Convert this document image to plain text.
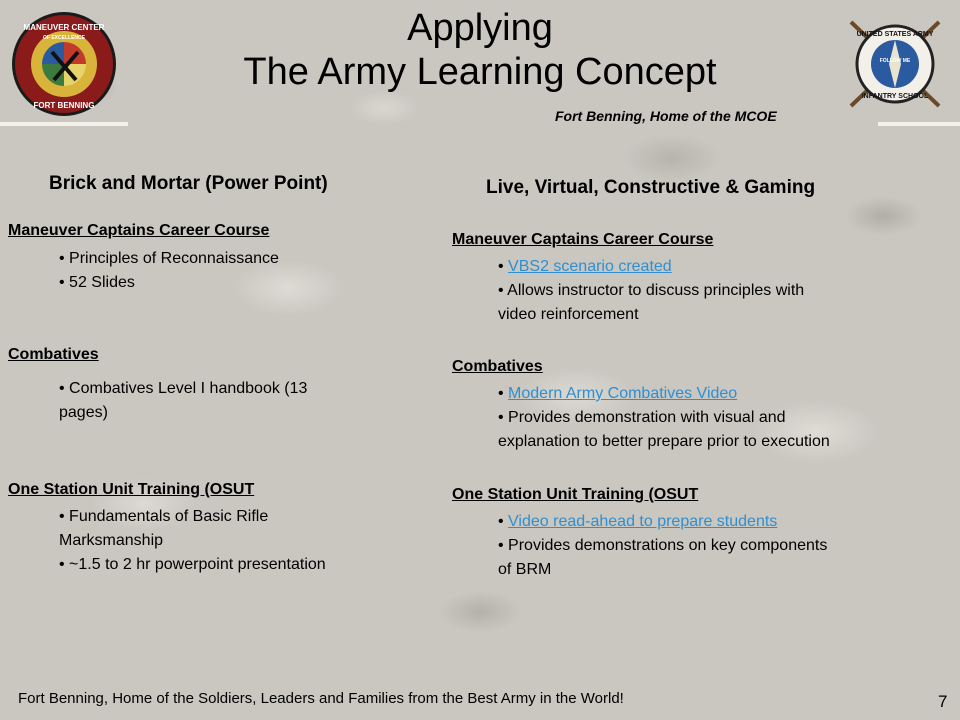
MANEUVER CENTER
OF EXCELLENCE
FORT BENNING
Applying
The Army Learning Concept
Fort Benning, Home of the MCOE
UNITED STATES ARMY
FOLLOW ME
INFANTRY SCHOOL
Brick and Mortar (Power Point)
Maneuver Captains Career Course
• Principles of Reconnaissance
• 52 Slides
Combatives
• Combatives Level I handbook (13
pages)
One Station Unit Training (OSUT
• Fundamentals of Basic Rifle
Marksmanship
• ~1.5 to 2 hr powerpoint presentation
Live, Virtual, Constructive & Gaming
Maneuver Captains Career Course
• VBS2 scenario created
• Allows instructor to discuss principles with
video reinforcement
Combatives
• Modern Army Combatives Video
• Provides demonstration with visual and
explanation to better prepare prior to execution
One Station Unit Training (OSUT
• Video read-ahead to prepare students
• Provides demonstrations on key components
of BRM
Fort Benning, Home of the Soldiers, Leaders and Families from the Best Army in the World!	7
